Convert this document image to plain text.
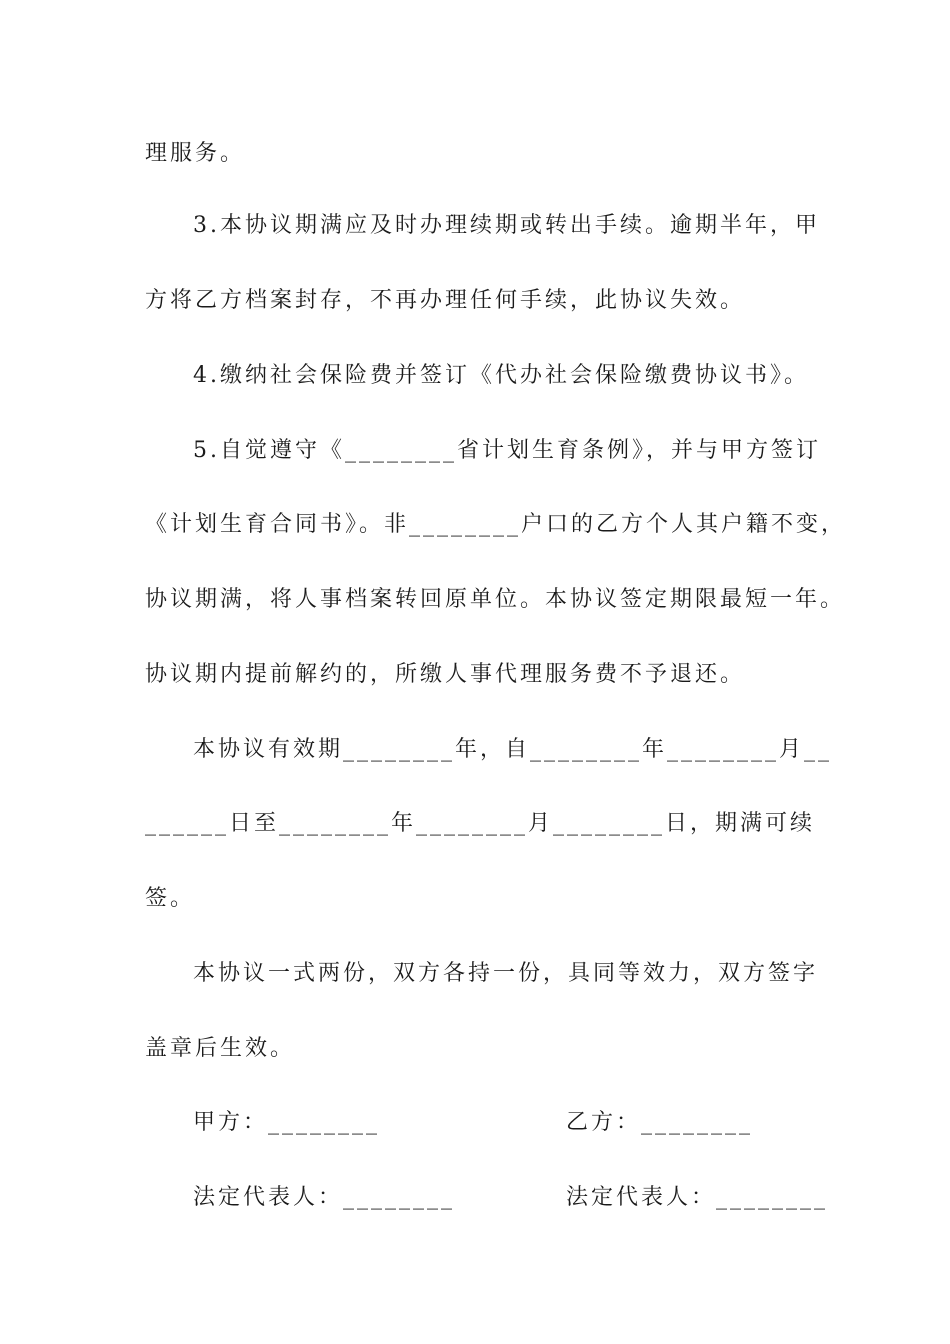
理服务。
3.本协议期满应及时办理续期或转出手续。逾期半年，甲
方将乙方档案封存，不再办理任何手续，此协议失效。
4.缴纳社会保险费并签订《代办社会保险缴费协议书》。
5.自觉遵守《________省计划生育条例》，并与甲方签订
《计划生育合同书》。非________户口的乙方个人其户籍不变，
协议期满，将人事档案转回原单位。本协议签定期限最短一年。
协议期内提前解约的，所缴人事代理服务费不予退还。
本协议有效期________年，自________年________月__
______日至________年________月________日，期满可续
签。
本协议一式两份，双方各持一份，具同等效力，双方签字
盖章后生效。
甲方：________	乙方：________
法定代表人：________	法定代表人：________
